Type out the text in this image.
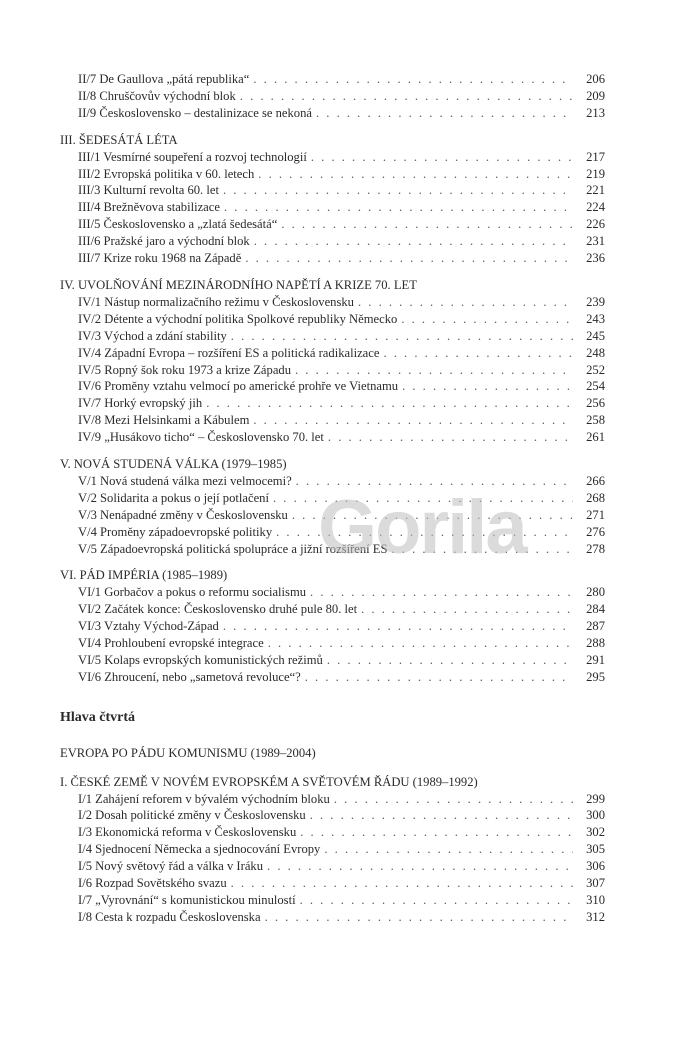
II/7 De Gaullova „pátá republika“ . . .	206
II/8 Chruščovův východní blok . . .	209
II/9 Československo – destalinizace se nekoná . . .	213
III. ŠEDESÁTÁ LÉTA
III/1 Vesmírné soupeření a rozvoj technologií . . .	217
III/2 Evropská politika v 60. letech . . .	219
III/3 Kulturní revolta 60. let . . .	221
III/4 Brežněvova stabilizace . . .	224
III/5 Československo a „zlatá šedesátá“ . . .	226
III/6 Pražské jaro a východní blok . . .	231
III/7 Krize roku 1968 na Západě . . .	236
IV. UVOLŇOVÁNÍ MEZINÁRODNÍHO NAPĚTÍ A KRIZE 70. LET
IV/1 Nástup normalizačního režimu v Československu . . .	239
IV/2 Détente a východní politika Spolkové republiky Německo . . .	243
IV/3 Východ a zdání stability . . .	245
IV/4 Západní Evropa – rozšíření ES a politická radikalizace . . .	248
IV/5 Ropný šok roku 1973 a krize Západu . . .	252
IV/6 Proměny vztahu velmocí po americké prohře ve Vietnamu . . .	254
IV/7 Horký evropský jih . . .	256
IV/8 Mezi Helsinkami a Kábulem . . .	258
IV/9 „Husákovo ticho“ – Československo 70. let . . .	261
V. NOVÁ STUDENÁ VÁLKA (1979–1985)
V/1 Nová studená válka mezi velmocemi? . . .	266
V/2 Solidarita a pokus o její potlačení . . .	268
V/3 Nenápadné změny v Československu . . .	271
V/4 Proměny západoevropské politiky . . .	276
V/5 Západoevropská politická spolupráce a jižní rozšíření ES . . .	278
VI. PÁD IMPÉRIA (1985–1989)
VI/1 Gorbačov a pokus o reformu socialismu . . .	280
VI/2 Začátek konce: Československo druhé pule 80. let . . .	284
VI/3 Vztahy Východ-Západ . . .	287
VI/4 Prohloubení evropské integrace . . .	288
VI/5 Kolaps evropských komunistických režimů . . .	291
VI/6 Zhroucení, nebo „sametová revoluce“? . . .	295
Hlava čtvrtá
EVROPA PO PÁDU KOMUNISMU (1989–2004)
I. ČESKÉ ZEMĚ V NOVÉM EVROPSKÉM A SVĚTOVÉM ŘÁDU (1989–1992)
I/1 Zahájení reforem v bývalém východním bloku . . .	299
I/2 Dosah politické změny v Československu . . .	300
I/3 Ekonomická reforma v Československu . . .	302
I/4 Sjednocení Německa a sjednocování Evropy . . .	305
I/5 Nový světový řád a válka v Iráku . . .	306
I/6 Rozpad Sovětského svazu . . .	307
I/7 „Vyrovnání“ s komunistickou minulostí . . .	310
I/8 Cesta k rozpadu Československa . . .	312
Gorila
